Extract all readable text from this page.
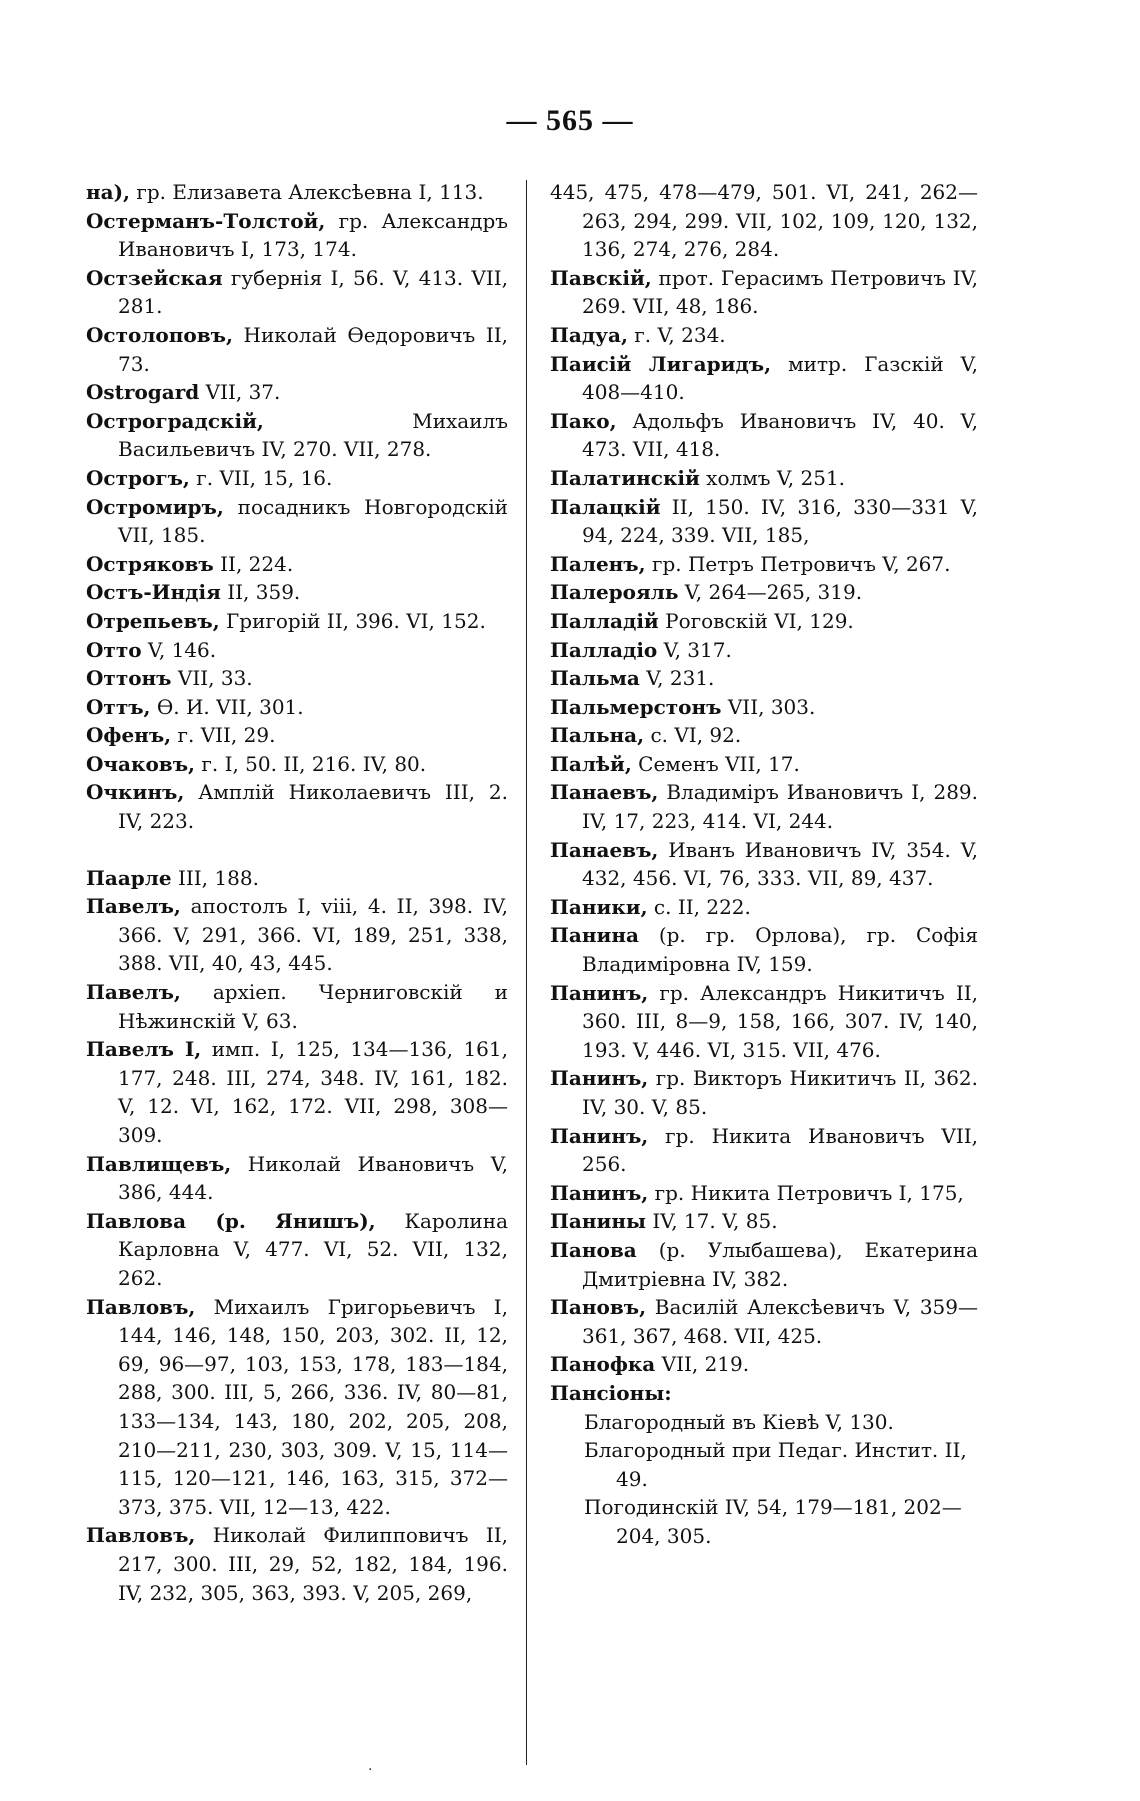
— 565 —
на), гр. Елизавета Алексѣевна I, 113.
Остерманъ-Толстой, гр. Александръ Ивановичъ I, 173, 174.
Остзейская губернія I, 56. V, 413. VII, 281.
Остолоповъ, Николай Ѳедоровичъ II, 73.
Ostrogard VII, 37.
Остроградскій, Михаилъ Васильевичъ IV, 270. VII, 278.
Острогъ, г. VII, 15, 16.
Остромиръ, посадникъ Новгородскій VII, 185.
Остряковъ II, 224.
Остъ-Индія II, 359.
Отрепьевъ, Григорій II, 396. VI, 152.
Отто V, 146.
Оттонъ VII, 33.
Оттъ, Ѳ. И. VII, 301.
Офенъ, г. VII, 29.
Очаковъ, г. I, 50. II, 216. IV, 80.
Очкинъ, Амплій Николаевичъ III, 2. IV, 223.
Паарле III, 188.
Павелъ, апостолъ I, viii, 4. II, 398. IV, 366. V, 291, 366. VI, 189, 251, 338, 388. VII, 40, 43, 445.
Павелъ, архіеп. Черниговскій и Нѣжинскій V, 63.
Павелъ I, имп. I, 125, 134—136, 161, 177, 248. III, 274, 348. IV, 161, 182. V, 12. VI, 162, 172. VII, 298, 308—309.
Павлищевъ, Николай Ивановичъ V, 386, 444.
Павлова (р. Янишъ), Каролина Карловна V, 477. VI, 52. VII, 132, 262.
Павловъ, Михаилъ Григорьевичъ I, 144, 146, 148, 150, 203, 302. II, 12, 69, 96—97, 103, 153, 178, 183—184, 288, 300. III, 5, 266, 336. IV, 80—81, 133—134, 143, 180, 202, 205, 208, 210—211, 230, 303, 309. V, 15, 114—115, 120—121, 146, 163, 315, 372—373, 375. VII, 12—13, 422.
Павловъ, Николай Филипповичъ II, 217, 300. III, 29, 52, 182, 184, 196. IV, 232, 305, 363, 393. V, 205, 269,
445, 475, 478—479, 501. VI, 241, 262—263, 294, 299. VII, 102, 109, 120, 132, 136, 274, 276, 284.
Павскій, прот. Герасимъ Петровичъ IV, 269. VII, 48, 186.
Падуа, г. V, 234.
Паисій Лигаридъ, митр. Газскій V, 408—410.
Пако, Адольфъ Ивановичъ IV, 40. V, 473. VII, 418.
Палатинскій холмъ V, 251.
Палацкій II, 150. IV, 316, 330—331 V, 94, 224, 339. VII, 185,
Паленъ, гр. Петръ Петровичъ V, 267.
Палерояль V, 264—265, 319.
Палладій Роговскій VI, 129.
Палладіо V, 317.
Пальма V, 231.
Пальмерстонъ VII, 303.
Пальна, с. VI, 92.
Палѣй, Семенъ VII, 17.
Панаевъ, Владиміръ Ивановичъ I, 289. IV, 17, 223, 414. VI, 244.
Панаевъ, Иванъ Ивановичъ IV, 354. V, 432, 456. VI, 76, 333. VII, 89, 437.
Паники, с. II, 222.
Панина (р. гр. Орлова), гр. Софія Владиміровна IV, 159.
Панинъ, гр. Александръ Никитичъ II, 360. III, 8—9, 158, 166, 307. IV, 140, 193. V, 446. VI, 315. VII, 476.
Панинъ, гр. Викторъ Никитичъ II, 362. IV, 30. V, 85.
Панинъ, гр. Никита Ивановичъ VII, 256.
Панинъ, гр. Никита Петровичъ I, 175,
Панины IV, 17. V, 85.
Панова (р. Улыбашева), Екатерина Дмитріевна IV, 382.
Пановъ, Василій Алексѣевичъ V, 359—361, 367, 468. VII, 425.
Панофка VII, 219.
Пансіоны:
Благородный въ Кіевѣ V, 130.
Благородный при Педаг. Инстит. II, 49.
Погодинскій IV, 54, 179—181, 202—204, 305.
·
